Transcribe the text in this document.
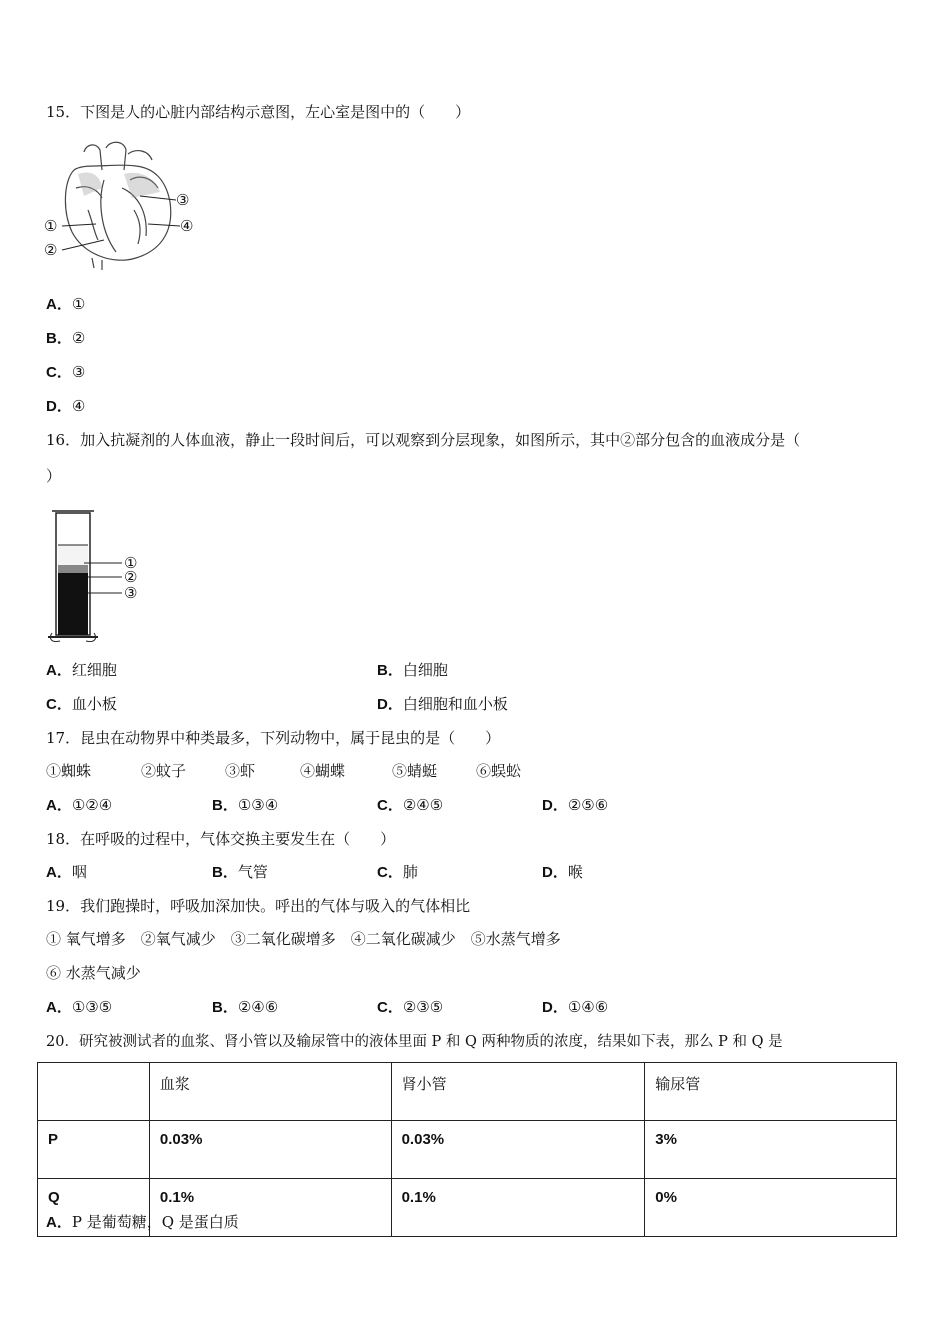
15．下图是人的心脏内部结构示意图，左心室是图中的（　　）
①
②
③
④
A．①
B．②
C．③
D．④
16．加入抗凝剂的人体血液，静止一段时间后，可以观察到分层现象，如图所示，其中②部分包含的血液成分是（
）
①
②
③
A．红细胞	B．白细胞
C．血小板	D．白细胞和血小板
17．昆虫在动物界中种类最多，下列动物中，属于昆虫的是（　　）
①蜘蛛	②蚊子	③虾	④蝴蝶	⑤蜻蜓	⑥蜈蚣
A．①②④	B．①③④	C．②④⑤	D．②⑤⑥
18．在呼吸的过程中，气体交换主要发生在（　　）
A．咽	B．气管	C．肺	D．喉
19．我们跑操时，呼吸加深加快。呼出的气体与吸入的气体相比
① 氧气增多　②氧气减少　③二氧化碳增多　④二氧化碳减少　⑤水蒸气增多
⑥ 水蒸气减少
A．①③⑤	B．②④⑥	C．②③⑤	D．①④⑥
20．研究被测试者的血浆、肾小管以及输尿管中的液体里面 P 和 Q 两种物质的浓度，结果如下表，那么 P 和 Q 是
	血浆	肾小管	输尿管
P	0.03%	0.03%	3%
Q	0.1%	0.1%	0%
A．P 是葡萄糖，Q 是蛋白质
